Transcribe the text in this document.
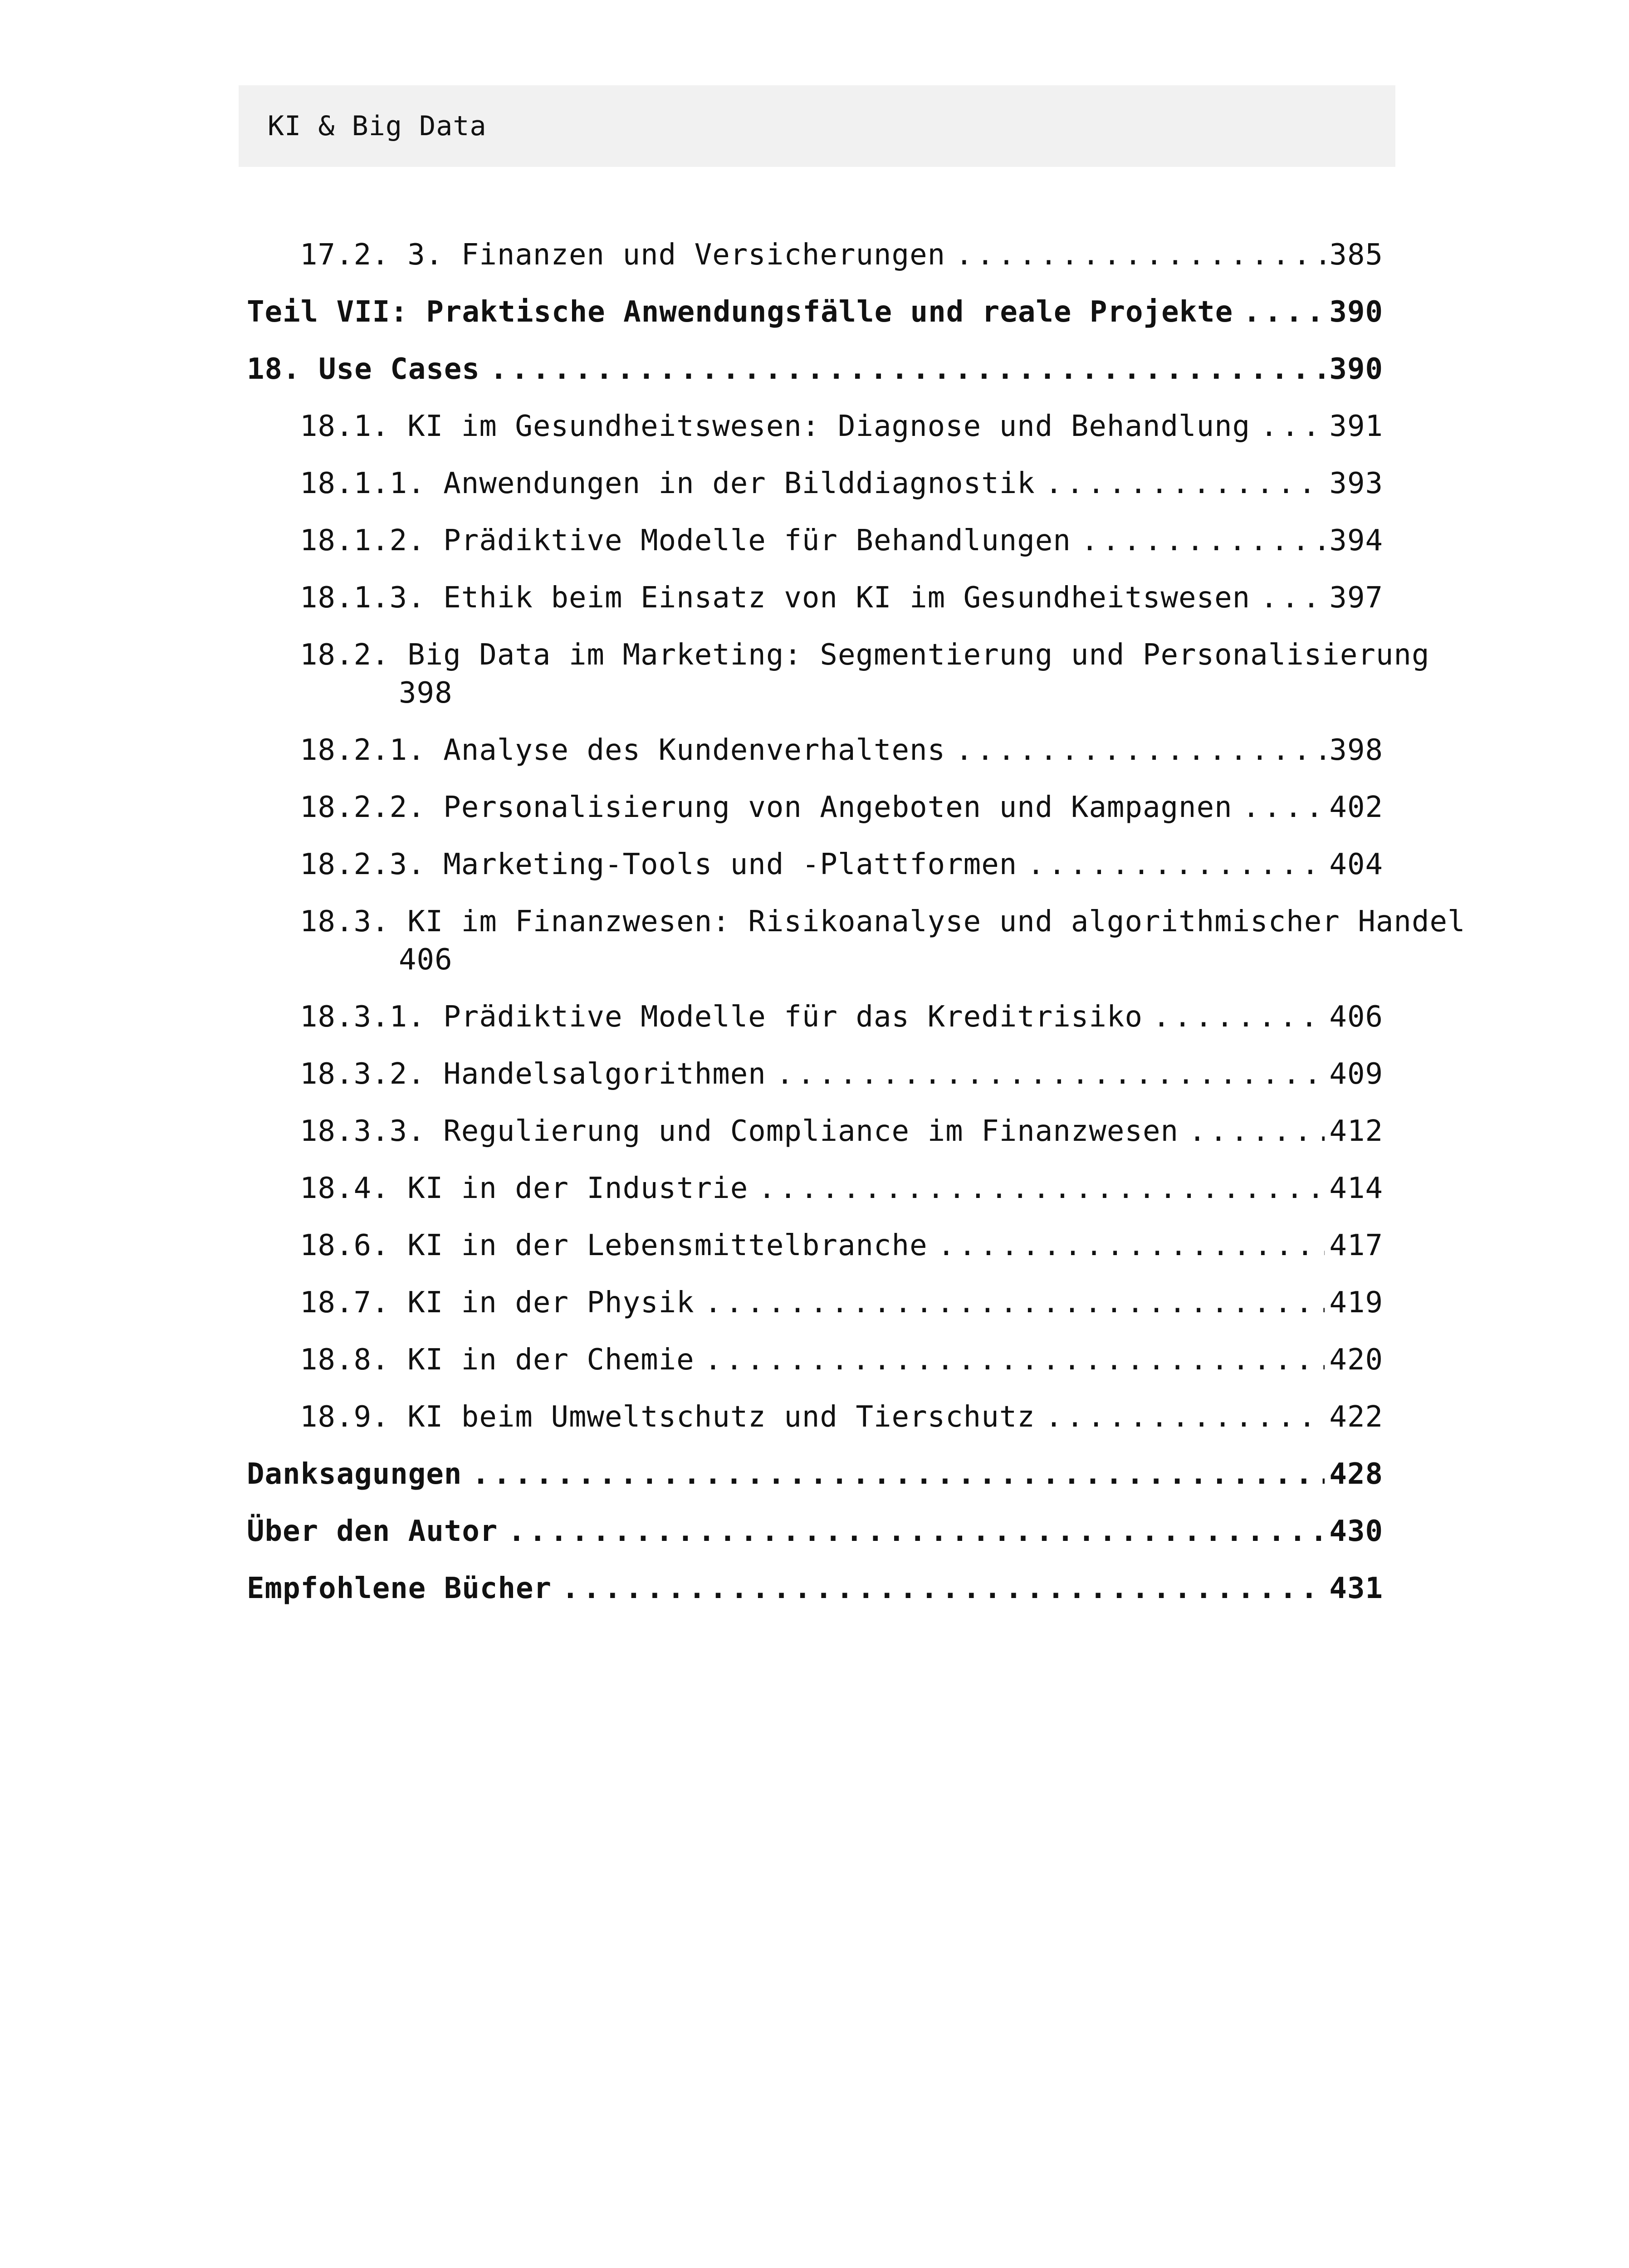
KI & Big Data
17.2. 3. Finanzen und Versicherungen .....	385
Teil VII: Praktische Anwendungsfälle und reale Projekte .....	390
18. Use Cases .....	390
18.1. KI im Gesundheitswesen: Diagnose und Behandlung .....	391
18.1.1. Anwendungen in der Bilddiagnostik .....	393
18.1.2. Prädiktive Modelle für Behandlungen .....	394
18.1.3. Ethik beim Einsatz von KI im Gesundheitswesen .....	397
18.2. Big Data im Marketing: Segmentierung und Personalisierung
398
18.2.1. Analyse des Kundenverhaltens .....	398
18.2.2. Personalisierung von Angeboten und Kampagnen .....	402
18.2.3. Marketing-Tools und -Plattformen .....	404
18.3. KI im Finanzwesen: Risikoanalyse und algorithmischer Handel
406
18.3.1. Prädiktive Modelle für das Kreditrisiko .....	406
18.3.2. Handelsalgorithmen .....	409
18.3.3. Regulierung und Compliance im Finanzwesen .....	412
18.4. KI in der Industrie .....	414
18.6. KI in der Lebensmittelbranche .....	417
18.7. KI in der Physik .....	419
18.8. KI in der Chemie .....	420
18.9. KI beim Umweltschutz und Tierschutz .....	422
Danksagungen .....	428
Über den Autor .....	430
Empfohlene Bücher .....	431
